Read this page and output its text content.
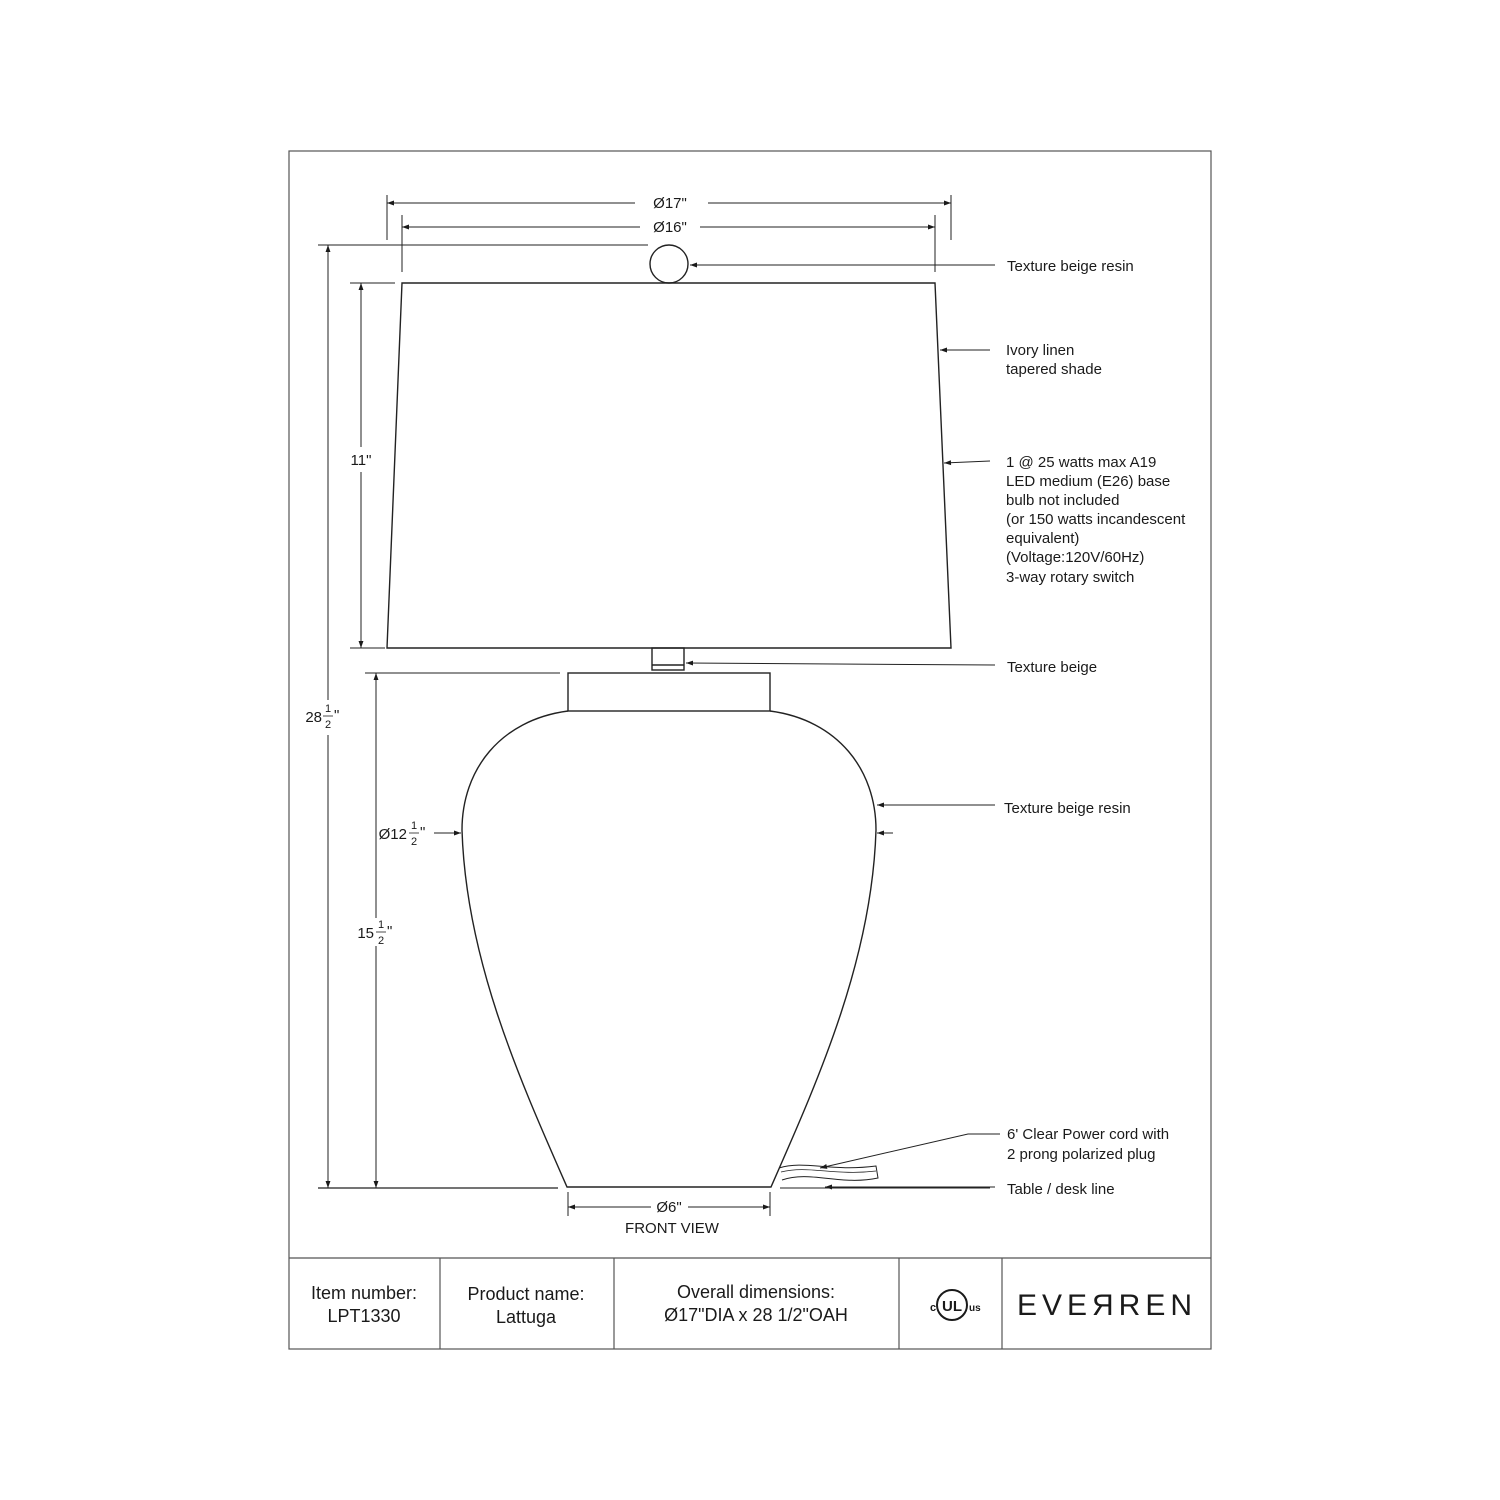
Ø17"
Ø16"
11"
28 1
2
"
Ø12 1
2
"
15 1
2
"
Ø6"
FRONT VIEW
Texture beige resin
Ivory linen
tapered shade
1 @ 25 watts max A19
LED medium (E26) base
bulb not included
(or 150 watts incandescent
equivalent)
(Voltage:120V/60Hz)
3-way rotary switch
Texture beige
Texture beige resin
6' Clear Power cord with
2 prong polarized plug
Table / desk line
Item number:
LPT1330
Product name:
Lattuga
Overall dimensions:
Ø17"DIA x 28 1/2"OAH	c UL us EVEЯREN
